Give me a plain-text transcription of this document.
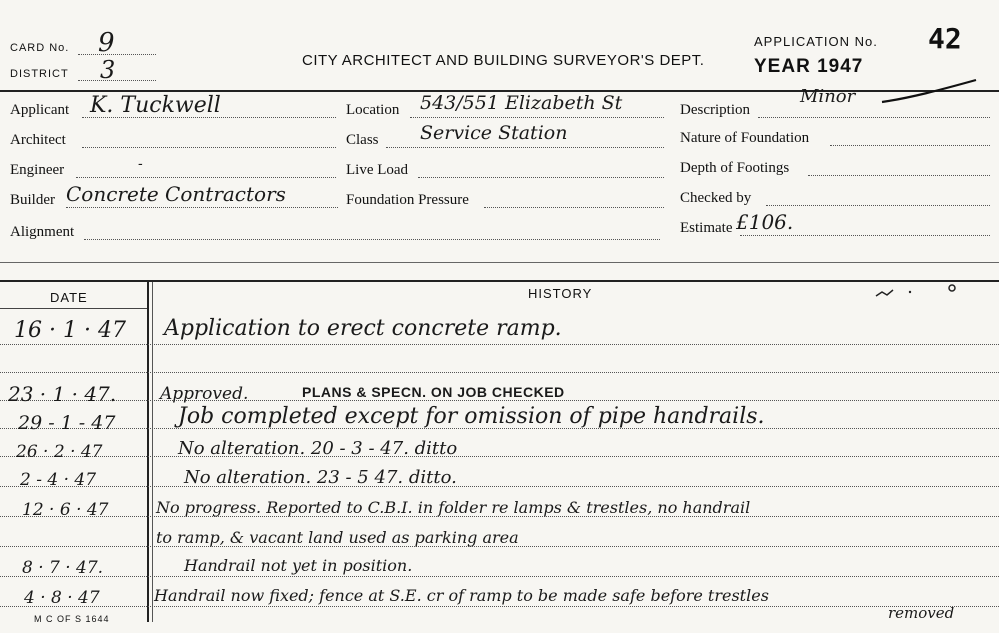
CARD No. 9
DISTRICT 3	CITY ARCHITECT AND BUILDING SURVEYOR'S DEPT.
APPLICATION No. 42
YEAR 1947
Applicant K. Tuckwell
Architect
Engineer	-
Builder Concrete Contractors
Alignment
Location 543/551 Elizabeth St
Class Service Station
Live Load
Foundation Pressure
Description
Minor
Nature of Foundation
Depth of Footings
Checked by
Estimate £106.
DATE	HISTORY
16 · 1 · 47 Application to erect concrete ramp.
23 · 1 · 47.	Approved.	PLANS & SPECN. ON JOB CHECKED
29 - 1 - 47	Job completed except for omission of pipe handrails.
26 · 2 · 47	No alteration. 20 - 3 - 47. ditto
2 - 4 · 47	No alteration. 23 - 5 47. ditto.
12 · 6 · 47	No progress. Reported to C.B.I. in folder re lamps & trestles, no handrail
to ramp, & vacant land used as parking area
8 · 7 · 47.	Handrail not yet in position.
4 · 8 · 47	Handrail now fixed; fence at S.E. cr of ramp to be made safe before trestles
removed
M C OF S 1644
